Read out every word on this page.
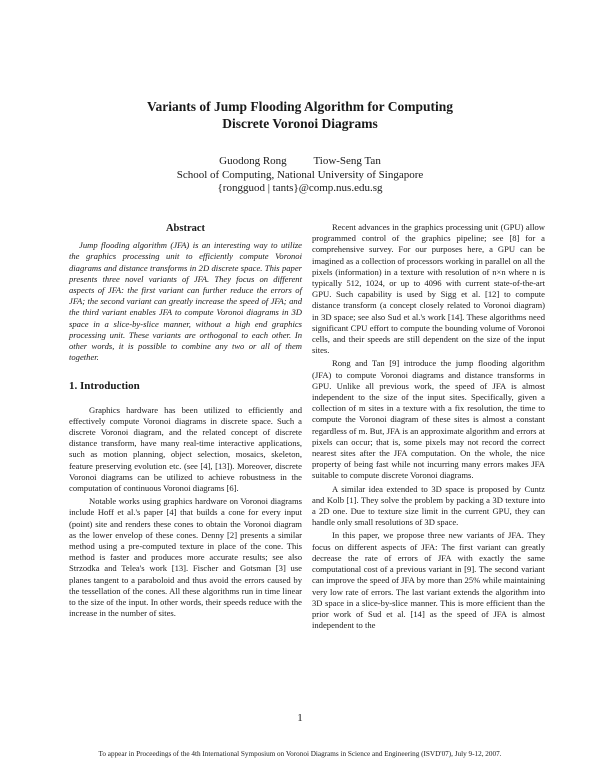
Variants of Jump Flooding Algorithm for Computing
Discrete Voronoi Diagrams
Guodong Rong Tiow-Seng Tan
School of Computing, National University of Singapore
{rongguod | tants}@comp.nus.edu.sg
Abstract

Jump flooding algorithm (JFA) is an interesting way to utilize the graphics processing unit to efficiently compute Voronoi diagrams and distance transforms in 2D discrete space. This paper presents three novel variants of JFA. They focus on different aspects of JFA: the first variant can further reduce the errors of JFA; the second variant can greatly increase the speed of JFA; and the third variant enables JFA to compute Voronoi diagrams in 3D space in a slice-by-slice manner, without a high end graphics processing unit. These variants are orthogonal to each other. In other words, it is possible to combine any two or all of them together.

1. Introduction

Graphics hardware has been utilized to efficiently and effectively compute Voronoi diagrams in discrete space. Such a discrete Voronoi diagram, and the related concept of discrete distance transform, have many real-time interactive applications, such as motion planning, object selection, mosaics, skeleton, feature preserving evolution etc. (see [4], [13]). Moreover, discrete Voronoi diagrams can be utilized to achieve robustness in the computation of continuous Voronoi diagrams [6].

Notable works using graphics hardware on Voronoi diagrams include Hoff et al.'s paper [4] that builds a cone for every input (point) site and renders these cones to obtain the Voronoi diagram as the lower envelop of these cones. Denny [2] presents a similar method using a pre-computed texture in place of the cone. This method is faster and produces more accurate results; see also Strzodka and Telea's work [13]. Fischer and Gotsman [3] use planes tangent to a paraboloid and thus avoid the errors caused by the tessellation of the cones. All these algorithms run in time linear to the size of the input. In other words, their speeds reduce with the increase in the number of sites.

Recent advances in the graphics processing unit (GPU) allow programmed control of the graphics pipeline; see [8] for a comprehensive survey. For our purposes here, a GPU can be imagined as a collection of processors working in parallel on all the pixels (information) in a texture with resolution of n×n where n is typically 512, 1024, or up to 4096 with current state-of-the-art GPU. Such capability is used by Sigg et al. [12] to compute distance transform (a concept closely related to Voronoi diagram) in 3D space; see also Sud et al.'s work [14]. These algorithms need significant CPU effort to compute the bounding volume of Voronoi cells, and their speeds are still dependent on the size of the input sites.

Rong and Tan [9] introduce the jump flooding algorithm (JFA) to compute Voronoi diagrams and distance transforms in GPU. Unlike all previous work, the speed of JFA is almost independent to the size of the input sites. Specifically, given a collection of m sites in a texture with a fix resolution, the time to compute the Voronoi diagram of these sites is almost a constant regardless of m. But, JFA is an approximate algorithm and errors at pixels can occur; that is, some pixels may not record the correct nearest sites after the JFA computation. On the whole, the nice property of being fast while not incurring many errors makes JFA suitable to compute discrete Voronoi diagrams.

A similar idea extended to 3D space is proposed by Cuntz and Kolb [1]. They solve the problem by packing a 3D texture into a 2D one. Due to texture size limit in the current GPU, they can handle only small resolutions of 3D space.

In this paper, we propose three new variants of JFA. They focus on different aspects of JFA: The first variant can greatly decrease the rate of errors of JFA with exactly the same computational cost of a previous variant in [9]. The second variant can improve the speed of JFA by more than 25% while maintaining very low rate of errors. The last variant extends the algorithm into 3D space in a slice-by-slice manner. This is more efficient than the prior work of Sud et al. [14] as the speed of JFA is almost independent to the

1
To appear in Proceedings of the 4th International Symposium on Voronoi Diagrams in Science and Engineering (ISVD'07), July 9-12, 2007.
